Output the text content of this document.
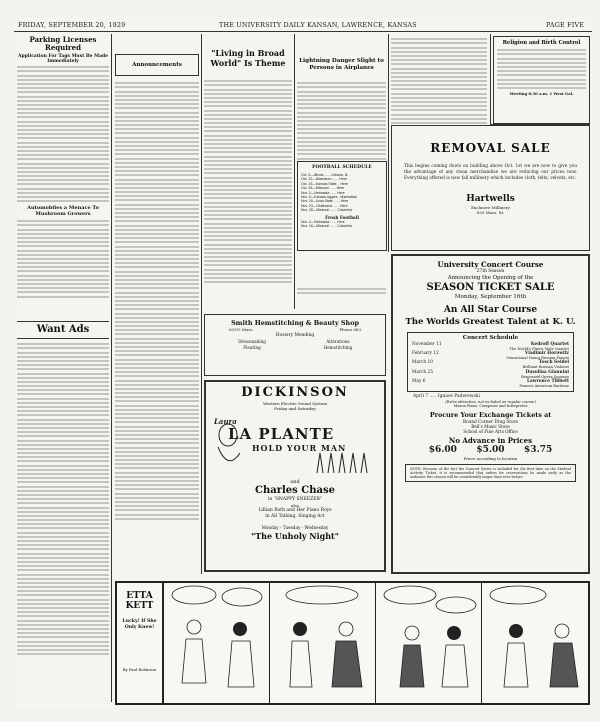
FRIDAY, SEPTEMBER 20, 1929	THE UNIVERSITY DAILY KANSAN, LAWRENCE, KANSAS	PAGE FIVE
Parking Licenses Required
Application For Tags Must Be Made Immediately
Automobiles a Menace To Mushroom Growers
Want Ads
Announcements
"Living in Broad World" Is Theme	Lightning Danger Slight to Persons in Airplanes
Religion and Birth Control
Meeting 8:30 a.m. 1 West Gal.
REMOVAL SALE
This begins coming down on building above Oct. 1st we are now to give you the advantage of any clean merchandise we are reducing our prices now. Everything offered is new fall millinery which includes cloth, felts, velvets, etc.
Hartwells
Exclusive Millinery
833 Mass. St.
FOOTBALL SCHEDULE
Oct. 5—Illinois ...... Urbana, Ill.
Oct. 12—Washburn ...... Here
Oct. 19—Kansas State .. Here
Oct. 26—Missouri ...... Here
Nov. 2—Nebraska ...... Here
Nov. 9—Kansas Aggies . Manhattan
Nov. 16—Iowa State ...... Here
Nov. 23—Oklahoma ...... Here
Nov. 28—Missouri ...... Columbia
Frosh Football
Nov. 2—Nebraska ...... Here
Nov. 16—Missouri ...... Columbia
Smith Hemstitching & Beauty Shop
833½ Mass.	Phone 683
Hosiery Mending
Dressmaking	Alterations
Pleating	Hemstitching
DICKINSON
Western Electric Sound System
Friday and Saturday
Laura
LA PLANTE
HOLD YOUR MAN
and
Charles Chase
in "SNAPPY SNEEZER"
also
Lillian Roth and Her Piano Boys
in All Talking, Singing Act
Monday - Tuesday - Wednesday
"The Unholy Night"
University Concert Course
27th Season
Announcing the Opening of the
SEASON TICKET SALE
Monday, September 16th
An All Star Course
The Worlds Greatest Talent at K. U.
Concert Schedule
November 11	Kedroff Quartet
The World's Finest Male Quartet
February 12	Vladimir Horowitz
Sensational Young Russian Pianist
March 10	Tosch Seidel
Brilliant Russian Violinist
March 25	Dusolina Giannini
Renowned Opera Soprano
May 6	Lawrence Tibbett
Famous American Baritone
April 7 ..... Ignace Paderewski
(Extra attraction, not included on regular course)
Mason Piano. Composer and Interpreter
Procure Your Exchange Tickets at
Round Corner Drug Store
Bell's Music Store
School of Fine Arts Office
No Advance in Prices
$6.00 $5.00 $3.75
Prices according to location
NOTE: Because of the fact the Concert Series is included for the first time on the Student Activity Ticket, it is recommended that orders for reservations be made early as the audience this season will be considerably larger than ever before.
ETTA KETT
Lucky! If She Only Knew!
By Paul Robinson
